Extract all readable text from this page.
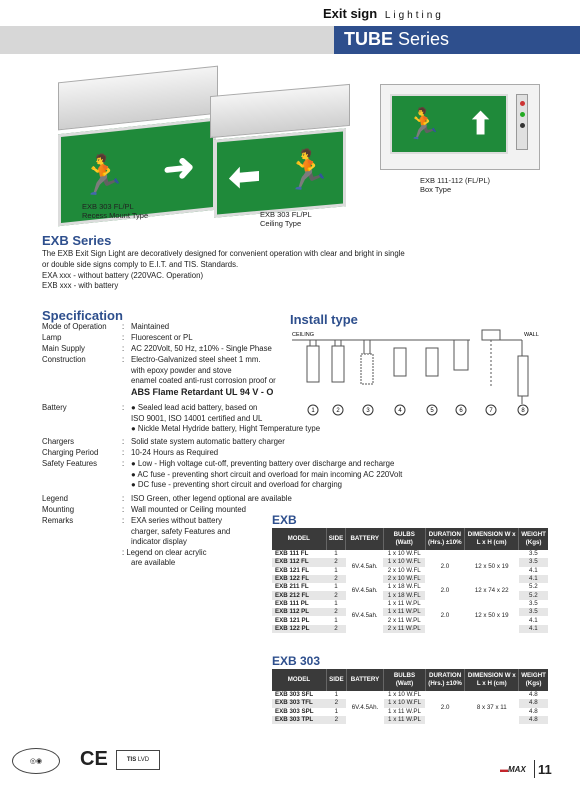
Exit sign Lighting
TUBE Series
🏃 ➜
EXB 303 FL/PL
Recess Mount Type
⬅ 🏃
EXB 303 FL/PL
Ceiling Type
🏃 ⬆
EXB 111-112 (FL/PL)
Box Type
EXB Series
The EXB Exit Sign Light are decoratively designed for convenient operation with clear and bright in single
or double side signs comply to E.I.T. and TIS. Standards.
EXA xxx - without battery (220VAC. Operation)
EXB xxx - with battery
Specification
Mode of Operation	: Maintained
Lamp	: Fluorescent or PL
Main Supply	: AC 220Volt, 50 Hz, ±10% - Single Phase
Construction	: Electro-Galvanized steel sheet 1 mm.
with epoxy powder and stove
enamel coated anti-rust corrosion proof or
ABS Flame Retardant UL 94 V - O
Battery	: ● Sealed lead acid battery, based on
ISO 9001, ISO 14001 certified and UL
● Nickle Metal Hydride battery, Hight Temperature type
Chargers	: Solid state system automatic battery charger
Charging Period	: 10-24 Hours as Required
Safety Features	: ● Low - High voltage cut-off, preventing battery over discharge and recharge
● AC fuse - preventing short circuit and overload for main incoming AC 220Volt
● DC fuse - preventing short circuit and overload for charging
Legend	: ISO Green, other legend optional are available
Mounting	: Wall mounted or Ceiling mounted
Remarks	: EXA series without battery
charger, safety Features and
indicator display
: Legend on clear acrylic
are available
Install type
CEILING	WALL
1	2	3	4	5	6	7	8
EXB
MODEL	SIDE	BATTERY	BULBS (Watt)	DURATION (Hrs.) ±10%	DIMENSION W x L x H (cm)	WEIGHT (Kgs)
EXB 111 FL	1	6V.4.5ah.	1 x 10 W.FL	2.0	12 x 50 x 19	3.5
EXB 112 FL	2		1 x 10 W.FL			3.5
EXB 121 FL	1		2 x 10 W.FL			4.1
EXB 122 FL	2		2 x 10 W.FL			4.1
EXB 211 FL	1	6V.4.5ah.	1 x 18 W.FL	2.0	12 x 74 x 22	5.2
EXB 212 FL	2		1 x 18 W.FL			5.2
EXB 111 PL	1	6V.4.5ah.	1 x 11 W.PL	2.0	12 x 50 x 19	3.5
EXB 112 PL	2		1 x 11 W.PL			3.5
EXB 121 PL	1		2 x 11 W.PL			4.1
EXB 122 PL	2		2 x 11 W.PL			4.1
EXB 303
MODEL	SIDE	BATTERY	BULBS (Watt)	DURATION (Hrs.) ±10%	DIMENSION W x L x H (cm)	WEIGHT (Kgs)
EXB 303 SFL	1	6V.4.5Ah.	1 x 10 W.FL	2.0	8 x 37 x 11	4.8
EXB 303 TFL	2		1 x 10 W.FL			4.8
EXB 303 SPL	1		1 x 11 W.PL			4.8
EXB 303 TPL	2		1 x 11 W.PL			4.8
◎◉	CE	TIS LVD
▬MAX 11
